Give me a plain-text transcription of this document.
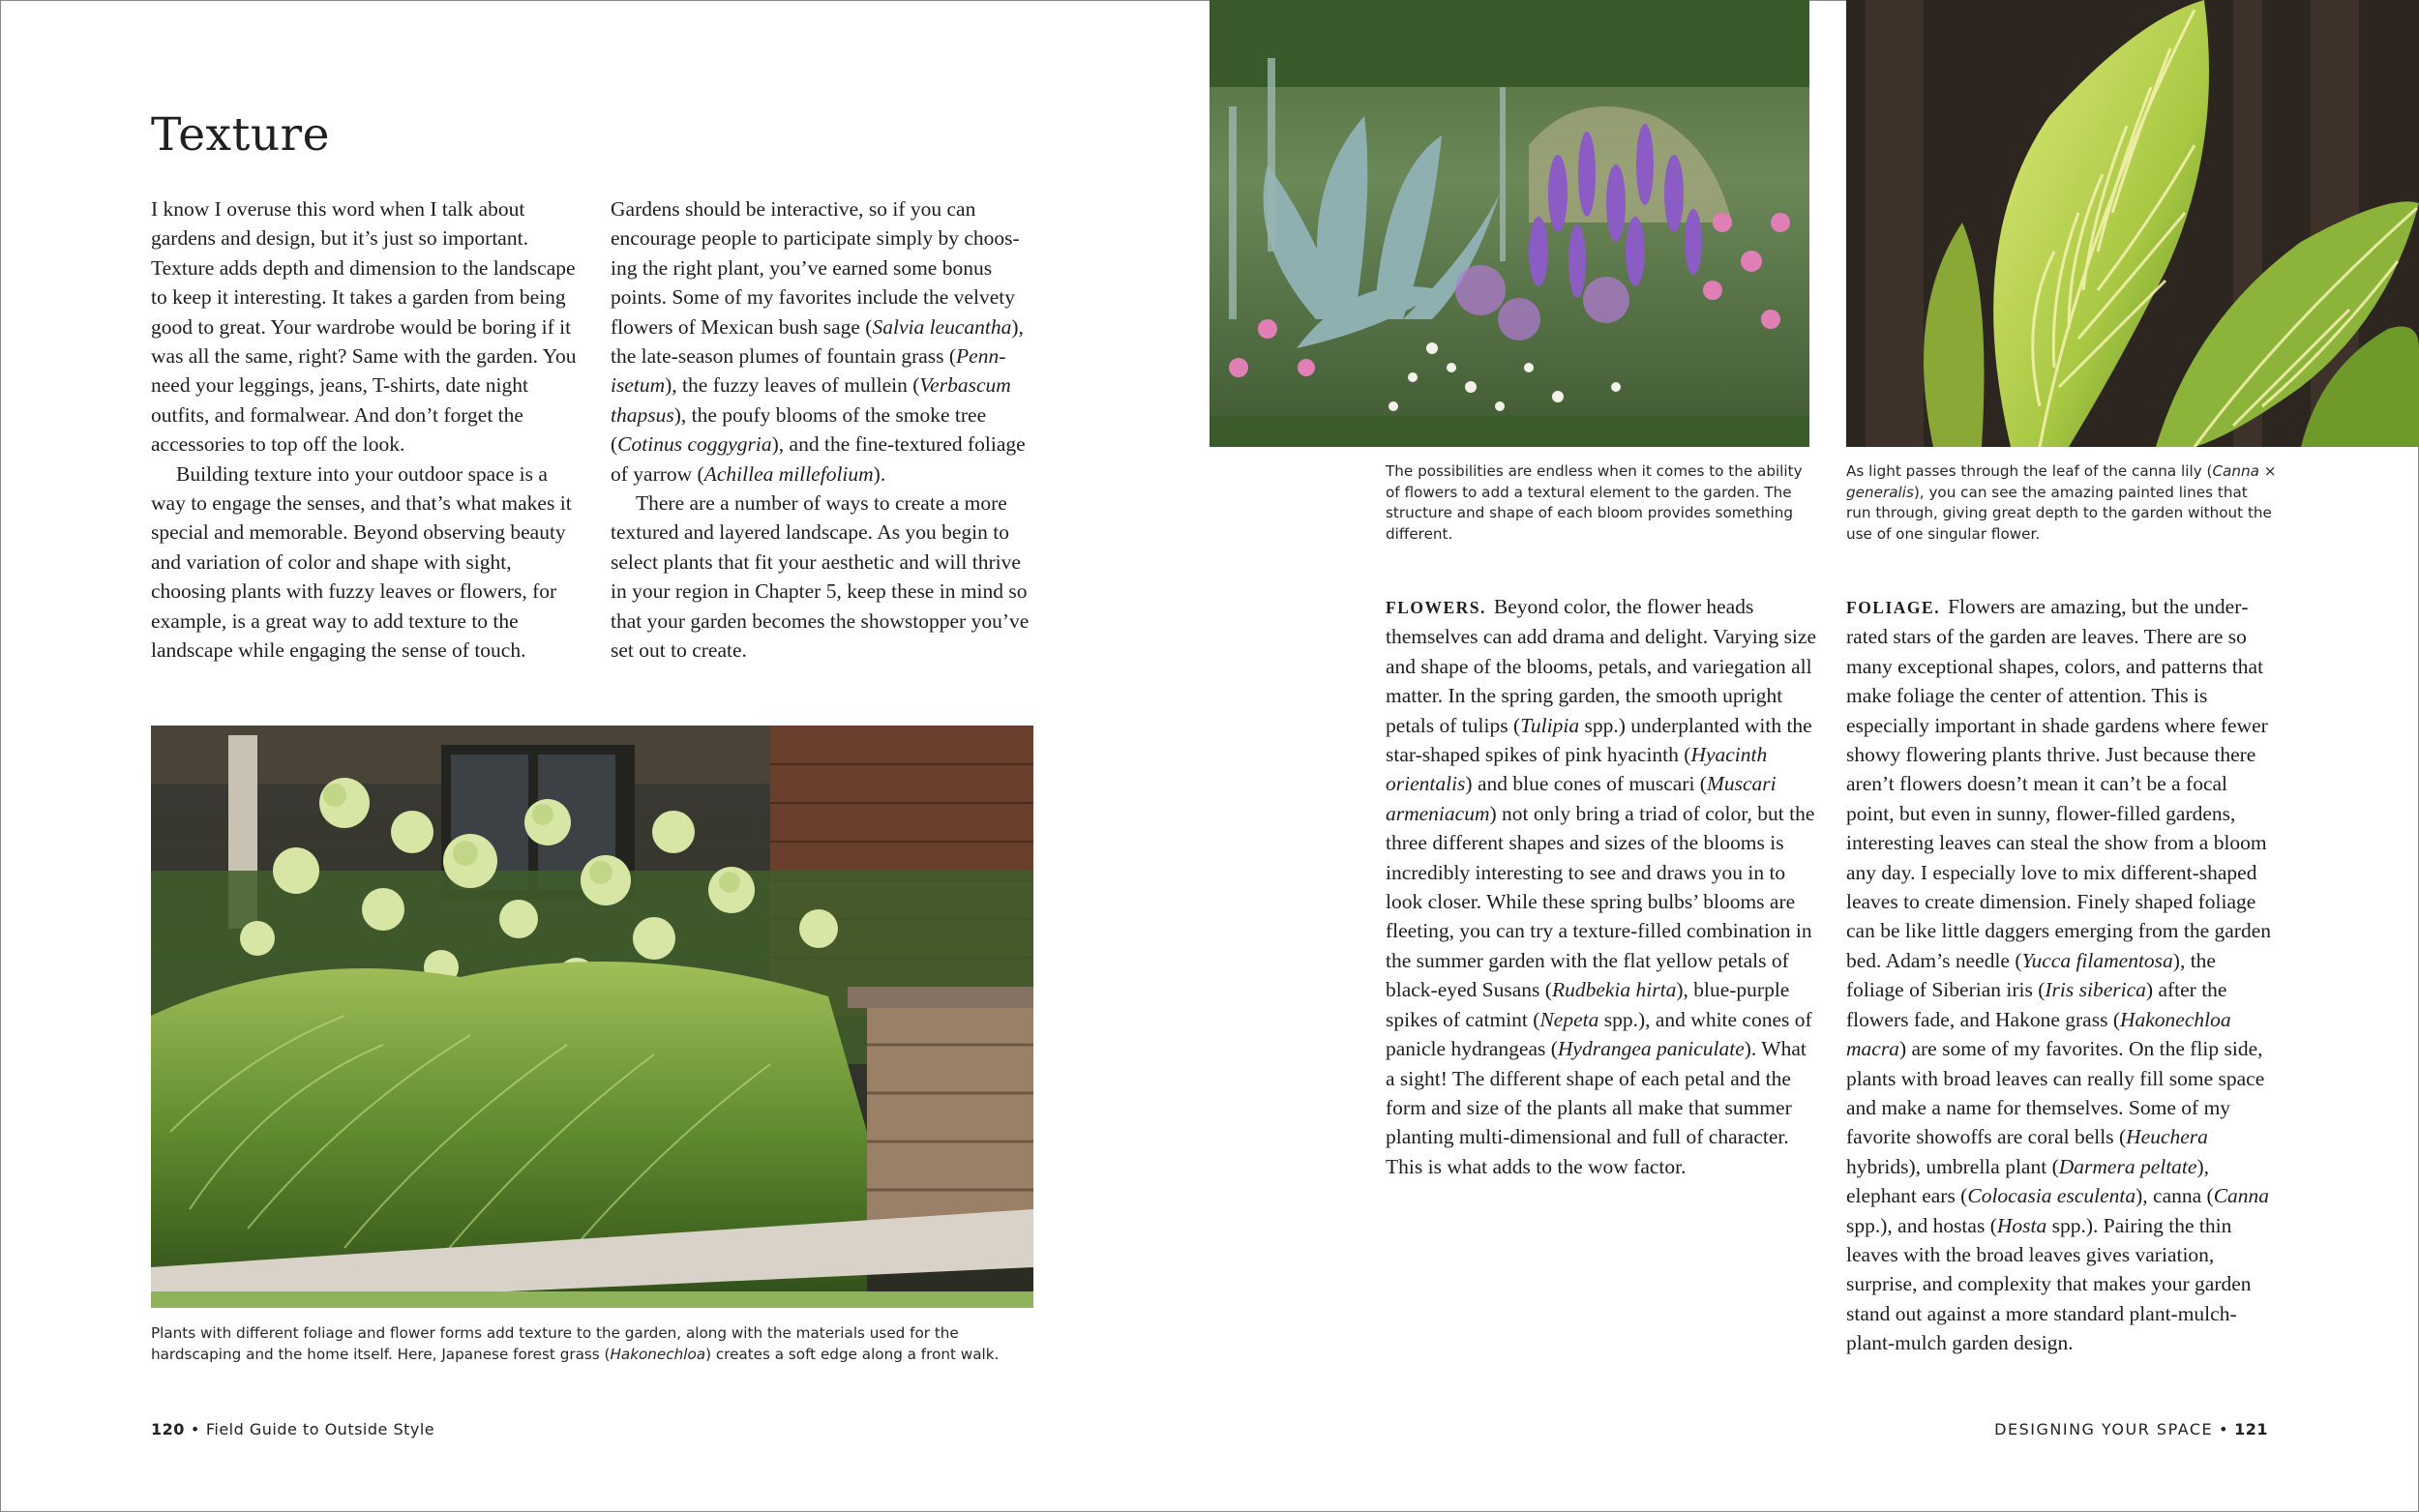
Texture

I know I overuse this word when I talk about gardens and design, but it’s just so important. Texture adds depth and dimension to the landscape to keep it interesting. It takes a garden from being good to great. Your wardrobe would be boring if it was all the same, right? Same with the garden. You need your leggings, jeans, T-shirts, date night outfits, and formalwear. And don’t forget the accessories to top off the look.

Building texture into your outdoor space is a way to engage the senses, and that’s what makes it special and memorable. Beyond observing beauty and variation of color and shape with sight, choosing plants with fuzzy leaves or flowers, for example, is a great way to add texture to the landscape while engaging the sense of touch.

Gardens should be interactive, so if you can encourage people to participate simply by choosing the right plant, you’ve earned some bonus points. Some of my favorites include the velvety flowers of Mexican bush sage (Salvia leucantha), the late-season plumes of fountain grass (Pennisetum), the fuzzy leaves of mullein (Verbascum thapsus), the poufy blooms of the smoke tree (Cotinus coggygria), and the fine-textured foliage of yarrow (Achillea millefolium).

There are a number of ways to create a more textured and layered landscape. As you begin to select plants that fit your aesthetic and will thrive in your region in Chapter 5, keep these in mind so that your garden becomes the showstopper you’ve set out to create.

Plants with different foliage and flower forms add texture to the garden, along with the materials used for the hardscaping and the home itself. Here, Japanese forest grass (Hakonechloa) creates a soft edge along a front walk.

120 • Field Guide to Outside Style

The possibilities are endless when it comes to the ability of flowers to add a textural element to the garden. The structure and shape of each bloom provides something different.

As light passes through the leaf of the canna lily (Canna × generalis), you can see the amazing painted lines that run through, giving great depth to the garden without the use of one singular flower.

FLOWERS. Beyond color, the flower heads themselves can add drama and delight. Varying size and shape of the blooms, petals, and variegation all matter. In the spring garden, the smooth upright petals of tulips (Tulipia spp.) underplanted with the star-shaped spikes of pink hyacinth (Hyacinth orientalis) and blue cones of muscari (Muscari armeniacum) not only bring a triad of color, but the three different shapes and sizes of the blooms is incredibly interesting to see and draws you in to look closer. While these spring bulbs’ blooms are fleeting, you can try a texture-filled combination in the summer garden with the flat yellow petals of black-eyed Susans (Rudbekia hirta), blue-purple spikes of catmint (Nepeta spp.), and white cones of panicle hydrangeas (Hydrangea paniculate). What a sight! The different shape of each petal and the form and size of the plants all make that summer planting multi-dimensional and full of character. This is what adds to the wow factor.

FOLIAGE. Flowers are amazing, but the underrated stars of the garden are leaves. There are so many exceptional shapes, colors, and patterns that make foliage the center of attention. This is especially important in shade gardens where fewer showy flowering plants thrive. Just because there aren’t flowers doesn’t mean it can’t be a focal point, but even in sunny, flower-filled gardens, interesting leaves can steal the show from a bloom any day. I especially love to mix different-shaped leaves to create dimension. Finely shaped foliage can be like little daggers emerging from the garden bed. Adam’s needle (Yucca filamentosa), the foliage of Siberian iris (Iris siberica) after the flowers fade, and Hakone grass (Hakonechloa macra) are some of my favorites. On the flip side, plants with broad leaves can really fill some space and make a name for themselves. Some of my favorite showoffs are coral bells (Heuchera hybrids), umbrella plant (Darmera peltate), elephant ears (Colocasia esculenta), canna (Canna spp.), and hostas (Hosta spp.). Pairing the thin leaves with the broad leaves gives variation, surprise, and complexity that makes your garden stand out against a more standard plant-mulch-plant-mulch garden design.

DESIGNING YOUR SPACE • 121
